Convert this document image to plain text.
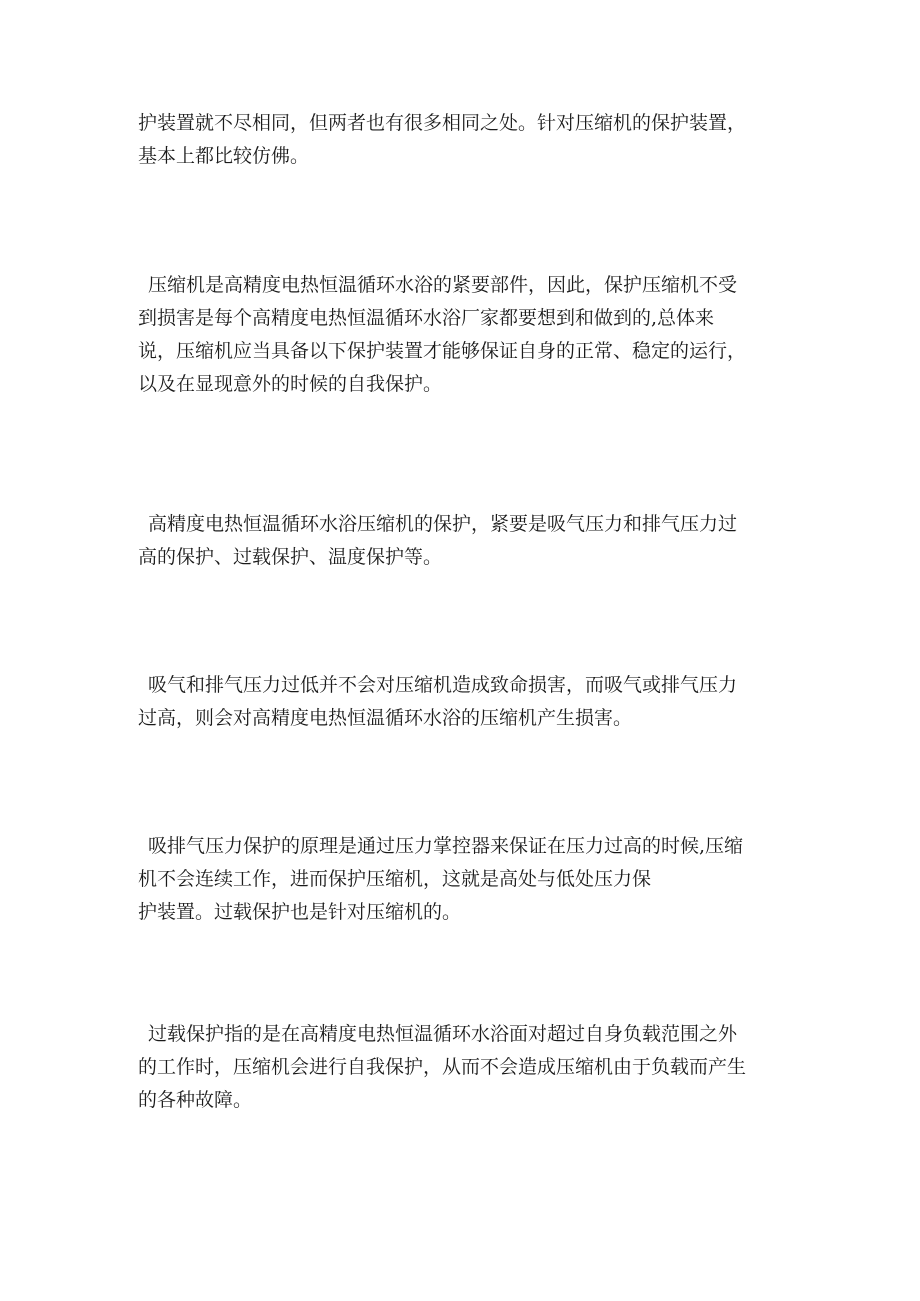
护装置就不尽相同，但两者也有很多相同之处。针对压缩机的保护装置，
基本上都比较仿佛。
压缩机是高精度电热恒温循环水浴的紧要部件，因此，保护压缩机不受
到损害是每个高精度电热恒温循环水浴厂家都要想到和做到的,总体来
说，压缩机应当具备以下保护装置才能够保证自身的正常、稳定的运行，
以及在显现意外的时候的自我保护。
高精度电热恒温循环水浴压缩机的保护，紧要是吸气压力和排气压力过
高的保护、过载保护、温度保护等。
吸气和排气压力过低并不会对压缩机造成致命损害，而吸气或排气压力
过高，则会对高精度电热恒温循环水浴的压缩机产生损害。
吸排气压力保护的原理是通过压力掌控器来保证在压力过高的时候,压缩
机不会连续工作，进而保护压缩机，这就是高处与低处压力保
护装置。过载保护也是针对压缩机的。
过载保护指的是在高精度电热恒温循环水浴面对超过自身负载范围之外
的工作时，压缩机会进行自我保护，从而不会造成压缩机由于负载而产生
的各种故障。
